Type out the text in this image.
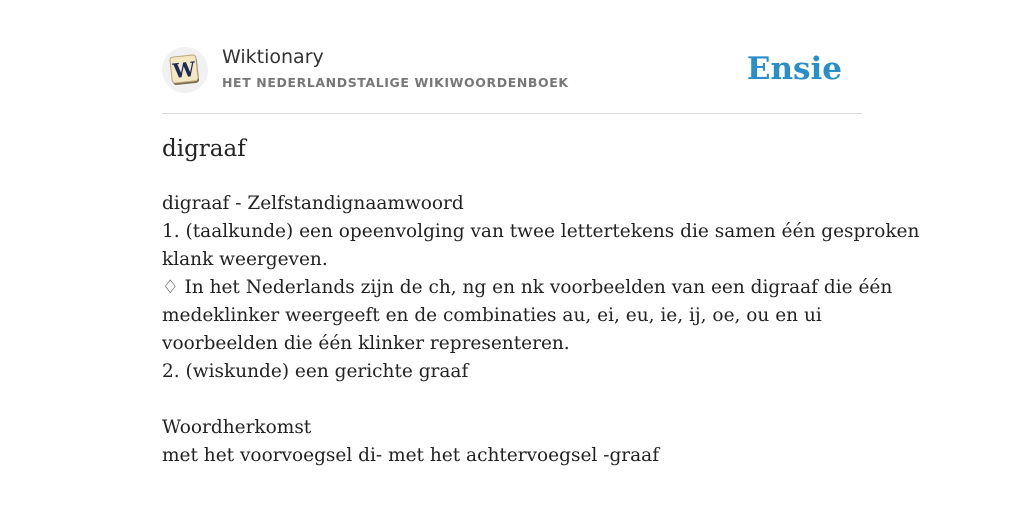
W Wiktionary
HET NEDERLANDSTALIGE WIKIWOORDENBOEK	Ensie
digraaf
digraaf - Zelfstandignaamwoord
1. (taalkunde) een opeenvolging van twee lettertekens die samen één gesproken
klank weergeven.
♢ In het Nederlands zijn de ch, ng en nk voorbeelden van een digraaf die één
medeklinker weergeeft en de combinaties au, ei, eu, ie, ij, oe, ou en ui
voorbeelden die één klinker representeren.
2. (wiskunde) een gerichte graaf
Woordherkomst
met het voorvoegsel di- met het achtervoegsel -graaf
